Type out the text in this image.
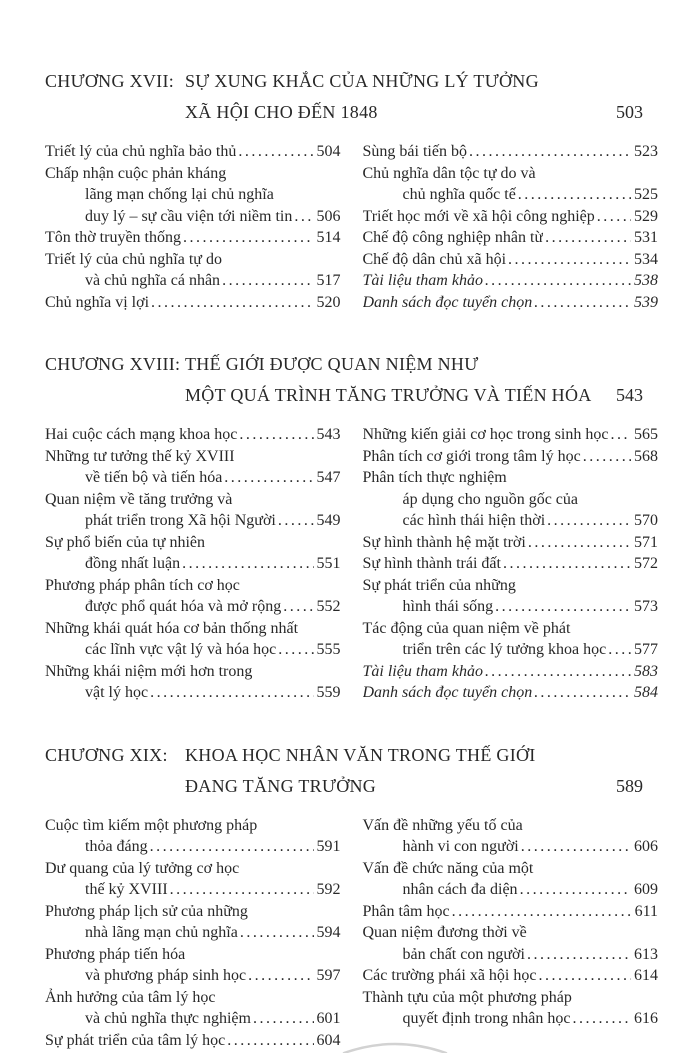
CHƯƠNG XVII: SỰ XUNG KHẮC CỦA NHỮNG LÝ TƯỞNG
XÃ HỘI CHO ĐẾN 1848	503
Triết lý của chủ nghĩa bảo thủ .....	504
Chấp nhận cuộc phản kháng
lãng mạn chống lại chủ nghĩa
duy lý – sự cầu viện tới niềm tin ..... 506
Tôn thờ truyền thống .....	514
Triết lý của chủ nghĩa tự do
và chủ nghĩa cá nhân .....	517
Chủ nghĩa vị lợi .....	520
Sùng bái tiến bộ .....	523
Chủ nghĩa dân tộc tự do và
chủ nghĩa quốc tế .....	525
Triết học mới về xã hội công nghiệp ..... 529
Chế độ công nghiệp nhân từ .....	531
Chế độ dân chủ xã hội .....	534
Tài liệu tham khảo .....	538
Danh sách đọc tuyển chọn .....	539
CHƯƠNG XVIII: THẾ GIỚI ĐƯỢC QUAN NIỆM NHƯ
MỘT QUÁ TRÌNH TĂNG TRƯỞNG VÀ TIẾN HÓA	543
Hai cuộc cách mạng khoa học .....	543
Những tư tưởng thế kỷ XVIII
về tiến bộ và tiến hóa .....	547
Quan niệm về tăng trưởng và
phát triển trong Xã hội Người .....	549
Sự phổ biến của tự nhiên
đồng nhất luận .....	551
Phương pháp phân tích cơ học
được phổ quát hóa và mở rộng ..... 552
Những khái quát hóa cơ bản thống nhất
các lĩnh vực vật lý và hóa học .....	555
Những khái niệm mới hơn trong
vật lý học .....	559
Những kiến giải cơ học trong sinh học ..... 565
Phân tích cơ giới trong tâm lý học .....	568
Phân tích thực nghiệm
áp dụng cho nguồn gốc của
các hình thái hiện thời .....	570
Sự hình thành hệ mặt trời .....	571
Sự hình thành trái đất .....	572
Sự phát triển của những
hình thái sống .....	573
Tác động của quan niệm về phát
triển trên các lý tưởng khoa học ..... 577
Tài liệu tham khảo .....	583
Danh sách đọc tuyển chọn .....	584
CHƯƠNG XIX: KHOA HỌC NHÂN VĂN TRONG THẾ GIỚI
ĐANG TĂNG TRƯỞNG	589
Cuộc tìm kiếm một phương pháp
thỏa đáng .....	591
Dư quang của lý tưởng cơ học
thế kỷ XVIII .....	592
Phương pháp lịch sử của những
nhà lãng mạn chủ nghĩa .....	594
Phương pháp tiến hóa
và phương pháp sinh học .....	597
Ảnh hưởng của tâm lý học
và chủ nghĩa thực nghiệm .....	601
Sự phát triển của tâm lý học .....	604
Vấn đề những yếu tố của
hành vi con người .....	606
Vấn đề chức năng của một
nhân cách đa diện .....	609
Phân tâm học .....	611
Quan niệm đương thời về
bản chất con người .....	613
Các trường phái xã hội học .....	614
Thành tựu của một phương pháp
quyết định trong nhân học .....	616
